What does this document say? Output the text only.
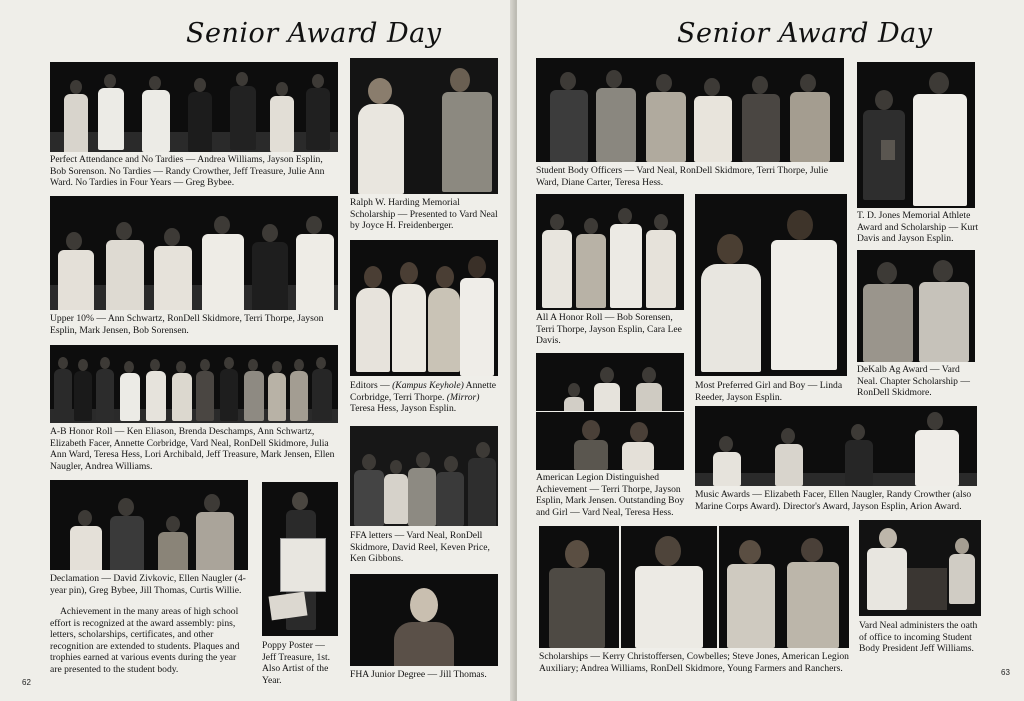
Senior Award Day
Perfect Attendance and No Tardies — Andrea Williams, Jayson Esplin, Bob Sorenson. No Tardies — Randy Crowther, Jeff Treasure, Julie Ann Ward. No Tardies in Four Years — Greg Bybee.
Ralph W. Harding Memorial Scholarship — Presented to Vard Neal by Joyce H. Freidenberger.
Upper 10% — Ann Schwartz, RonDell Skidmore, Terri Thorpe, Jayson Esplin, Mark Jensen, Bob Sorensen.
Editors — (Kampus Keyhole) Annette Corbridge, Terri Thorpe. (Mirror) Teresa Hess, Jayson Esplin.
A-B Honor Roll — Ken Eliason, Brenda Deschamps, Ann Schwartz, Elizabeth Facer, Annette Corbridge, Vard Neal, RonDell Skidmore, Julia Ann Ward, Teresa Hess, Lori Archibald, Jeff Treasure, Mark Jensen, Ellen Naugler, Andrea Williams.
FFA letters — Vard Neal, RonDell Skidmore, David Reel, Keven Price, Ken Gibbons.
Declamation — David Zivkovic, Ellen Naugler (4-year pin), Greg Bybee, Jill Thomas, Curtis Willie.
Poppy Poster — Jeff Treasure, 1st. Also Artist of the Year.
FHA Junior Degree — Jill Thomas.
Achievement in the many areas of high school effort is recognized at the award assembly: pins, letters, scholarships, certificates, and other recognition are extended to students. Plaques and trophies earned at various events during the year are presented to the student body.
62
Senior Award Day
Student Body Officers — Vard Neal, RonDell Skidmore, Terri Thorpe, Julie Ward, Diane Carter, Teresa Hess.
T. D. Jones Memorial Athlete Award and Scholarship — Kurt Davis and Jayson Esplin.
All A Honor Roll — Bob Sorensen, Terri Thorpe, Jayson Esplin, Cara Lee Davis.
Most Preferred Girl and Boy — Linda Reeder, Jayson Esplin.
DeKalb Ag Award — Vard Neal. Chapter Scholarship — RonDell Skidmore.
American Legion Distinguished Achievement — Terri Thorpe, Jayson Esplin, Mark Jensen. Outstanding Boy and Girl — Vard Neal, Teresa Hess.
Music Awards — Elizabeth Facer, Ellen Naugler, Randy Crowther (also Marine Corps Award). Director's Award, Jayson Esplin, Arion Award.
Scholarships — Kerry Christoffersen, Cowbelles; Steve Jones, American Legion Auxiliary; Andrea Williams, RonDell Skidmore, Young Farmers and Ranchers.
Vard Neal administers the oath of office to incoming Student Body President Jeff Williams.
63
